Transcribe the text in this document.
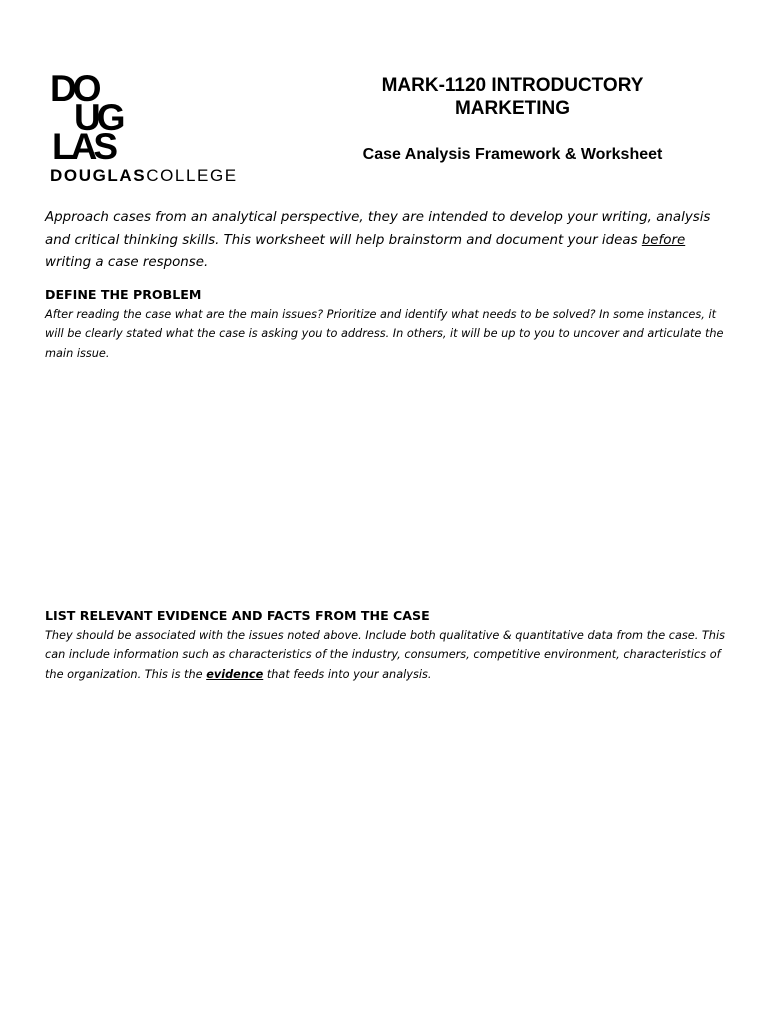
DO
UG
LAS
DOUGLASCOLLEGE

MARK-1120 INTRODUCTORY
MARKETING

Case Analysis Framework & Worksheet

Approach cases from an analytical perspective, they are intended to develop your writing, analysis and critical thinking skills. This worksheet will help brainstorm and document your ideas before writing a case response.

DEFINE THE PROBLEM

After reading the case what are the main issues? Prioritize and identify what needs to be solved? In some instances, it will be clearly stated what the case is asking you to address. In others, it will be up to you to uncover and articulate the main issue.

LIST RELEVANT EVIDENCE AND FACTS FROM THE CASE

They should be associated with the issues noted above. Include both qualitative & quantitative data from the case. This can include information such as characteristics of the industry, consumers, competitive environment, characteristics of the organization. This is the evidence that feeds into your analysis.
